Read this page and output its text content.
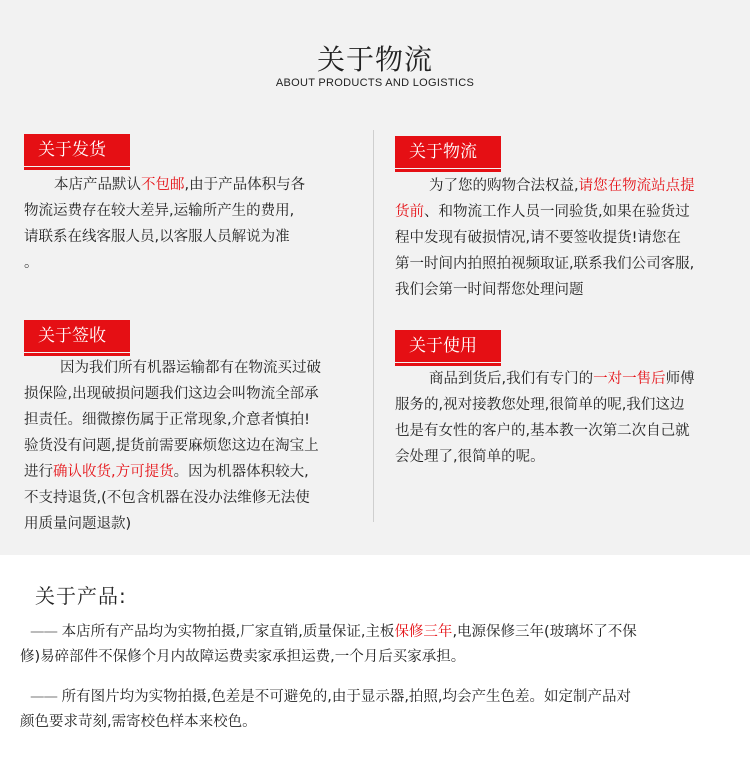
关于物流
ABOUT PRODUCTS AND LOGISTICS
关于发货
本店产品默认不包邮,由于产品体积与各
物流运费存在较大差异,运输所产生的费用,
请联系在线客服人员,以客服人员解说为准
。
关于签收
因为我们所有机器运输都有在物流买过破
损保险,出现破损问题我们这边会叫物流全部承
担责任。细微擦伤属于正常现象,介意者慎拍!
验货没有问题,提货前需要麻烦您这边在淘宝上
进行确认收货,方可提货。因为机器体积较大,
不支持退货,(不包含机器在没办法维修无法使
用质量问题退款)
关于物流
为了您的购物合法权益,请您在物流站点提
货前、和物流工作人员一同验货,如果在验货过
程中发现有破损情况,请不要签收提货!请您在
第一时间内拍照拍视频取证,联系我们公司客服,
我们会第一时间帮您处理问题
关于使用
商品到货后,我们有专门的一对一售后师傅
服务的,视对接教您处理,很简单的呢,我们这边
也是有女性的客户的,基本教一次第二次自己就
会处理了,很简单的呢。
关于产品:
—— 本店所有产品均为实物拍摄,厂家直销,质量保证,主板保修三年,电源保修三年(玻璃坏了不保
修)易碎部件不保修个月内故障运费卖家承担运费,一个月后买家承担。
—— 所有图片均为实物拍摄,色差是不可避免的,由于显示器,拍照,均会产生色差。如定制产品对
颜色要求苛刻,需寄校色样本来校色。
